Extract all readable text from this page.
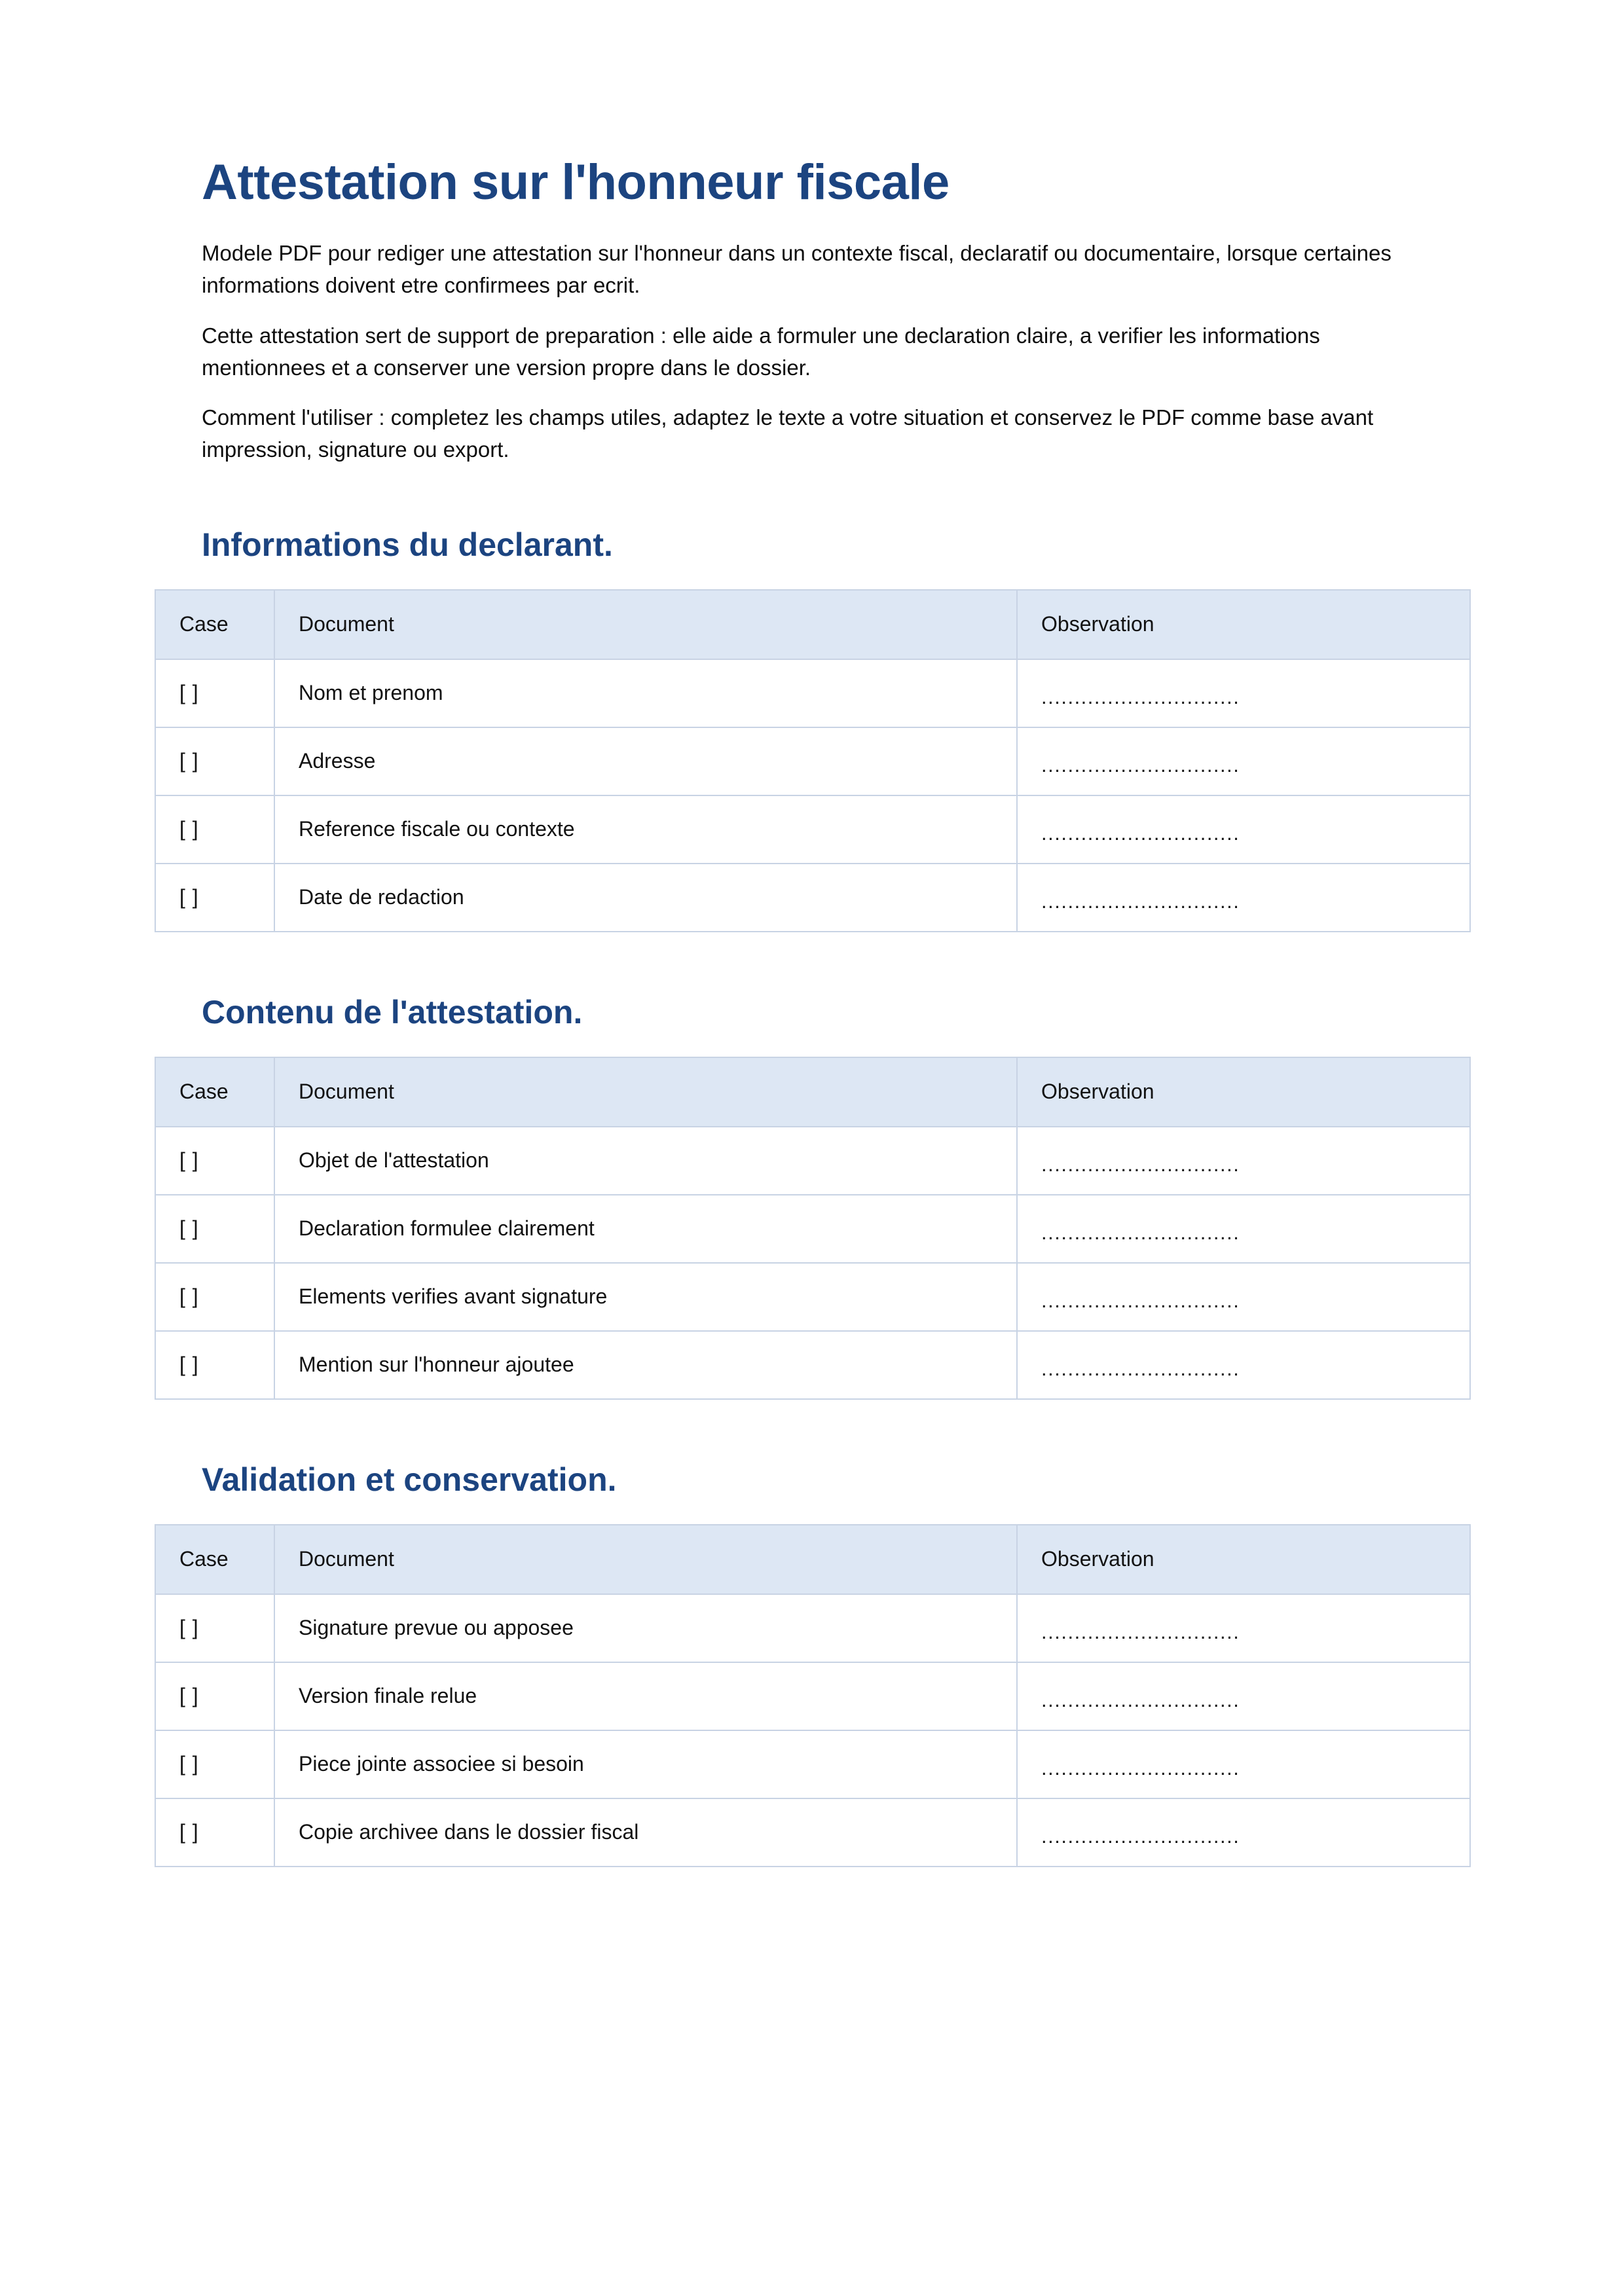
Attestation sur l'honneur fiscale

Modele PDF pour rediger une attestation sur l'honneur dans un contexte fiscal, declaratif ou documentaire, lorsque certaines informations doivent etre confirmees par ecrit.

Cette attestation sert de support de preparation : elle aide a formuler une declaration claire, a verifier les informations mentionnees et a conserver une version propre dans le dossier.

Comment l'utiliser : completez les champs utiles, adaptez le texte a votre situation et conservez le PDF comme base avant impression, signature ou export.

Informations du declarant.
Case	Document	Observation
[ ]	Nom et prenom	..............................
[ ]	Adresse	..............................
[ ]	Reference fiscale ou contexte	..............................
[ ]	Date de redaction	..............................
Contenu de l'attestation.
Case	Document	Observation
[ ]	Objet de l'attestation	..............................
[ ]	Declaration formulee clairement	..............................
[ ]	Elements verifies avant signature	..............................
[ ]	Mention sur l'honneur ajoutee	..............................
Validation et conservation.
Case	Document	Observation
[ ]	Signature prevue ou apposee	..............................
[ ]	Version finale relue	..............................
[ ]	Piece jointe associee si besoin	..............................
[ ]	Copie archivee dans le dossier fiscal	..............................
